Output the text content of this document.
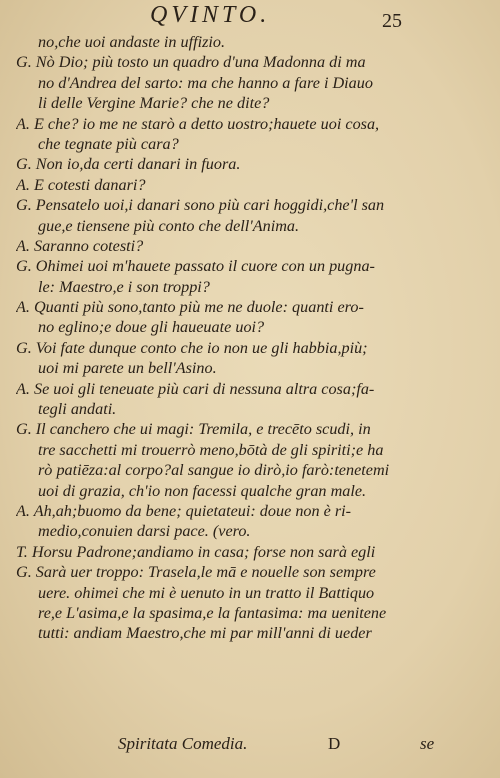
QVINTO.	25
no,che uoi andaste in uffizio.
G. Nò Dio; più tosto un quadro d'una Madonna di ma
no d'Andrea del sarto: ma che hanno a fare i Diauo
li delle Vergine Marie? che ne dite?
A. E che? io me ne starò a detto uostro;hauete uoi cosa,
che tegnate più cara?
G. Non io,da certi danari in fuora.
A. E cotesti danari?
G. Pensatelo uoi,i danari sono più cari hoggidi,che'l san
gue,e tiensene più conto che dell'Anima.
A. Saranno cotesti?
G. Ohimei uoi m'hauete passato il cuore con un pugna-
le: Maestro,e i son troppi?
A. Quanti più sono,tanto più me ne duole: quanti ero-
no eglino;e doue gli haueuate uoi?
G. Voi fate dunque conto che io non ue gli habbia,più;
uoi mi parete un bell'Asino.
A. Se uoi gli teneuate più cari di nessuna altra cosa;fa-
tegli andati.
G. Il canchero che ui magi: Tremila, e trecēto scudi, in
tre sacchetti mi trouerrò meno,bōtà de gli spiriti;e ha
rò patiēza:al corpo?al sangue io dirò,io farò:tenetemi
uoi di grazia, ch'io non facessi qualche gran male.
A. Ah,ah;buomo da bene; quietateui: doue non è ri-
medio,conuien darsi pace. (vero.
T. Horsu Padrone;andiamo in casa; forse non sarà egli
G. Sarà uer troppo: Trasela,le mā e nouelle son sempre
uere. ohimei che mi è uenuto in un tratto il Battiquo
re,e L'asima,e la spasima,e la fantasima: ma uenitene
tutti: andiam Maestro,che mi par mill'anni di ueder
Spiritata Comedia.	D	se
